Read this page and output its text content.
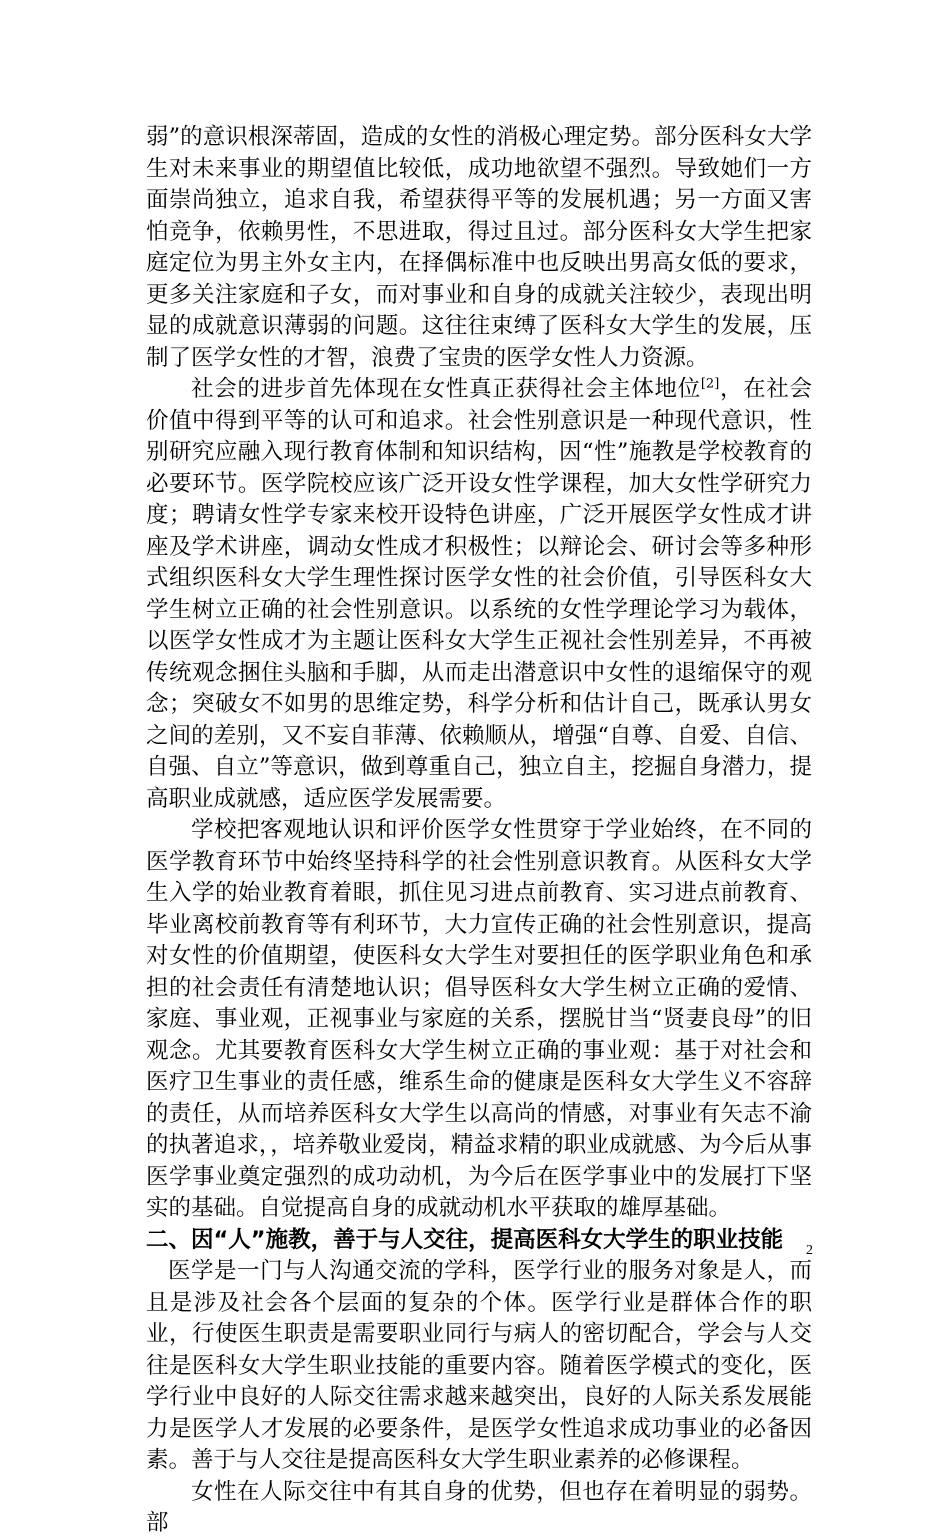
弱”的意识根深蒂固，造成的女性的消极心理定势。部分医科女大学生对未来事业的期望值比较低，成功地欲望不强烈。导致她们一方面崇尚独立，追求自我，希望获得平等的发展机遇；另一方面又害怕竞争，依赖男性，不思进取，得过且过。部分医科女大学生把家庭定位为男主外女主内，在择偶标准中也反映出男高女低的要求，更多关注家庭和子女，而对事业和自身的成就关注较少，表现出明显的成就意识薄弱的问题。这往往束缚了医科女大学生的发展，压制了医学女性的才智，浪费了宝贵的医学女性人力资源。

社会的进步首先体现在女性真正获得社会主体地位[2]，在社会价值中得到平等的认可和追求。社会性别意识是一种现代意识，性别研究应融入现行教育体制和知识结构，因“性”施教是学校教育的必要环节。医学院校应该广泛开设女性学课程，加大女性学研究力度；聘请女性学专家来校开设特色讲座，广泛开展医学女性成才讲座及学术讲座，调动女性成才积极性；以辩论会、研讨会等多种形式组织医科女大学生理性探讨医学女性的社会价值，引导医科女大学生树立正确的社会性别意识。以系统的女性学理论学习为载体，以医学女性成才为主题让医科女大学生正视社会性别差异，不再被传统观念捆住头脑和手脚，从而走出潜意识中女性的退缩保守的观念；突破女不如男的思维定势，科学分析和估计自己，既承认男女之间的差别，又不妄自菲薄、依赖顺从，增强“自尊、自爱、自信、自强、自立”等意识，做到尊重自己，独立自主，挖掘自身潜力，提高职业成就感，适应医学发展需要。

学校把客观地认识和评价医学女性贯穿于学业始终，在不同的医学教育环节中始终坚持科学的社会性别意识教育。从医科女大学生入学的始业教育着眼，抓住见习进点前教育、实习进点前教育、毕业离校前教育等有利环节，大力宣传正确的社会性别意识，提高对女性的价值期望，使医科女大学生对要担任的医学职业角色和承担的社会责任有清楚地认识；倡导医科女大学生树立正确的爱情、家庭、事业观，正视事业与家庭的关系，摆脱甘当“贤妻良母”的旧观念。尤其要教育医科女大学生树立正确的事业观：基于对社会和医疗卫生事业的责任感，维系生命的健康是医科女大学生义不容辞的责任，从而培养医科女大学生以高尚的情感，对事业有矢志不渝的执著追求，，培养敬业爱岗，精益求精的职业成就感、为今后从事医学事业奠定强烈的成功动机，为今后在医学事业中的发展打下坚实的基础。自觉提高自身的成就动机水平获取的雄厚基础。

二、因“人”施教，善于与人交往，提高医科女大学生的职业技能

医学是一门与人沟通交流的学科，医学行业的服务对象是人，而且是涉及社会各个层面的复杂的个体。医学行业是群体合作的职业，行使医生职责是需要职业同行与病人的密切配合，学会与人交往是医科女大学生职业技能的重要内容。随着医学模式的变化，医学行业中良好的人际交往需求越来越突出，良好的人际关系发展能力是医学人才发展的必要条件，是医学女性追求成功事业的必备因素。善于与人交往是提高医科女大学生职业素养的必修课程。

女性在人际交往中有其自身的优势，但也存在着明显的弱势。部

2
